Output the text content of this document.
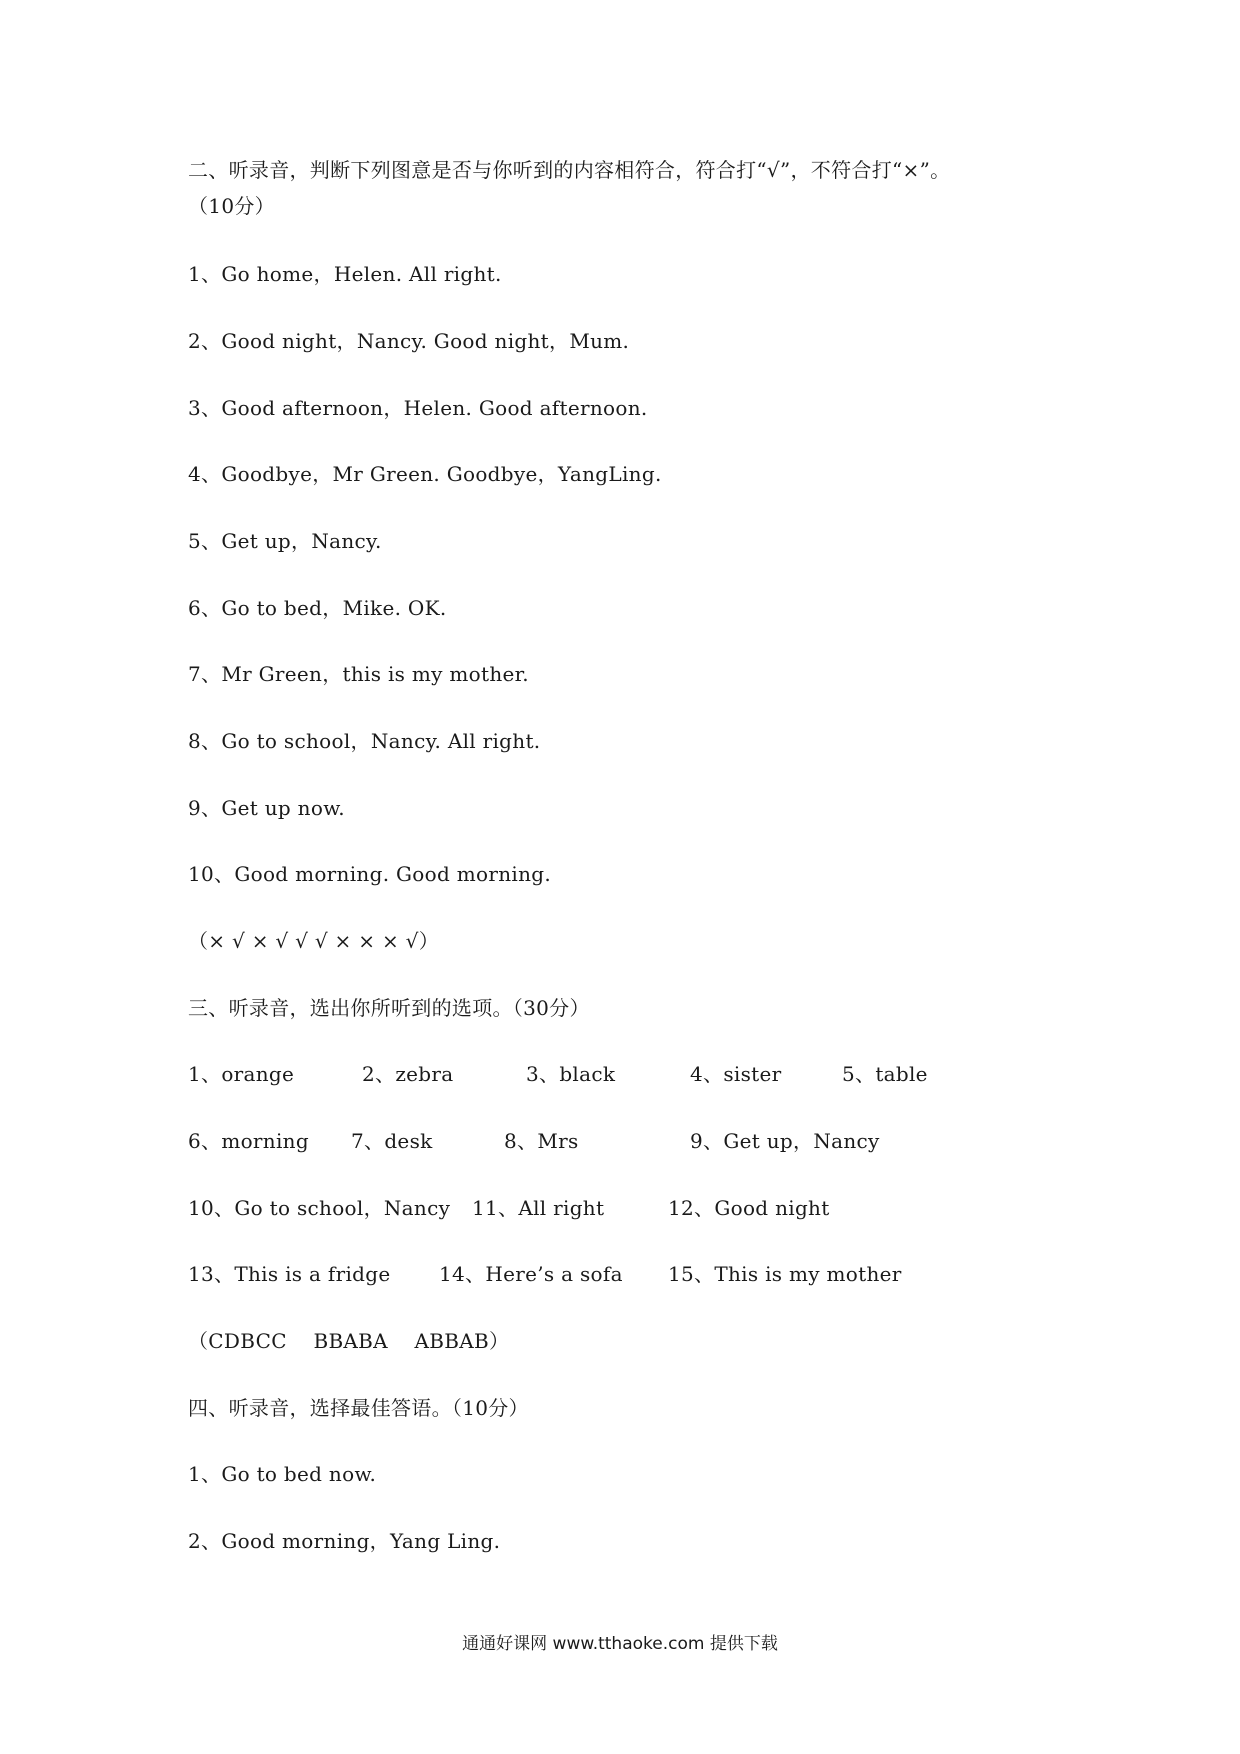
二、听录音，判断下列图意是否与你听到的内容相符合，符合打“√”，不符合打“×”。
（10分）
1、Go home，Helen. All right.
2、Good night，Nancy. Good night，Mum.
3、Good afternoon，Helen. Good afternoon.
4、Goodbye，Mr Green. Goodbye，YangLing.
5、Get up，Nancy.
6、Go to bed，Mike. OK.
7、Mr Green，this is my mother.
8、Go to school，Nancy. All right.
9、Get up now.
10、Good morning. Good morning.
（× √ × √ √ √ × × × √）
三、听录音，选出你所听到的选项。（30分）
1、orange	2、zebra	3、black	4、sister	5、table
6、morning 7、desk	8、Mrs	9、Get up，Nancy
10、Go to school，Nancy 11、All right	12、Good night
13、This is a fridge 14、Here’s a sofa 15、This is my mother
（CDBCC    BBABA    ABBAB）
四、听录音，选择最佳答语。（10分）
1、Go to bed now.
2、Good morning，Yang Ling.
通通好课网 www.tthaoke.com 提供下载
